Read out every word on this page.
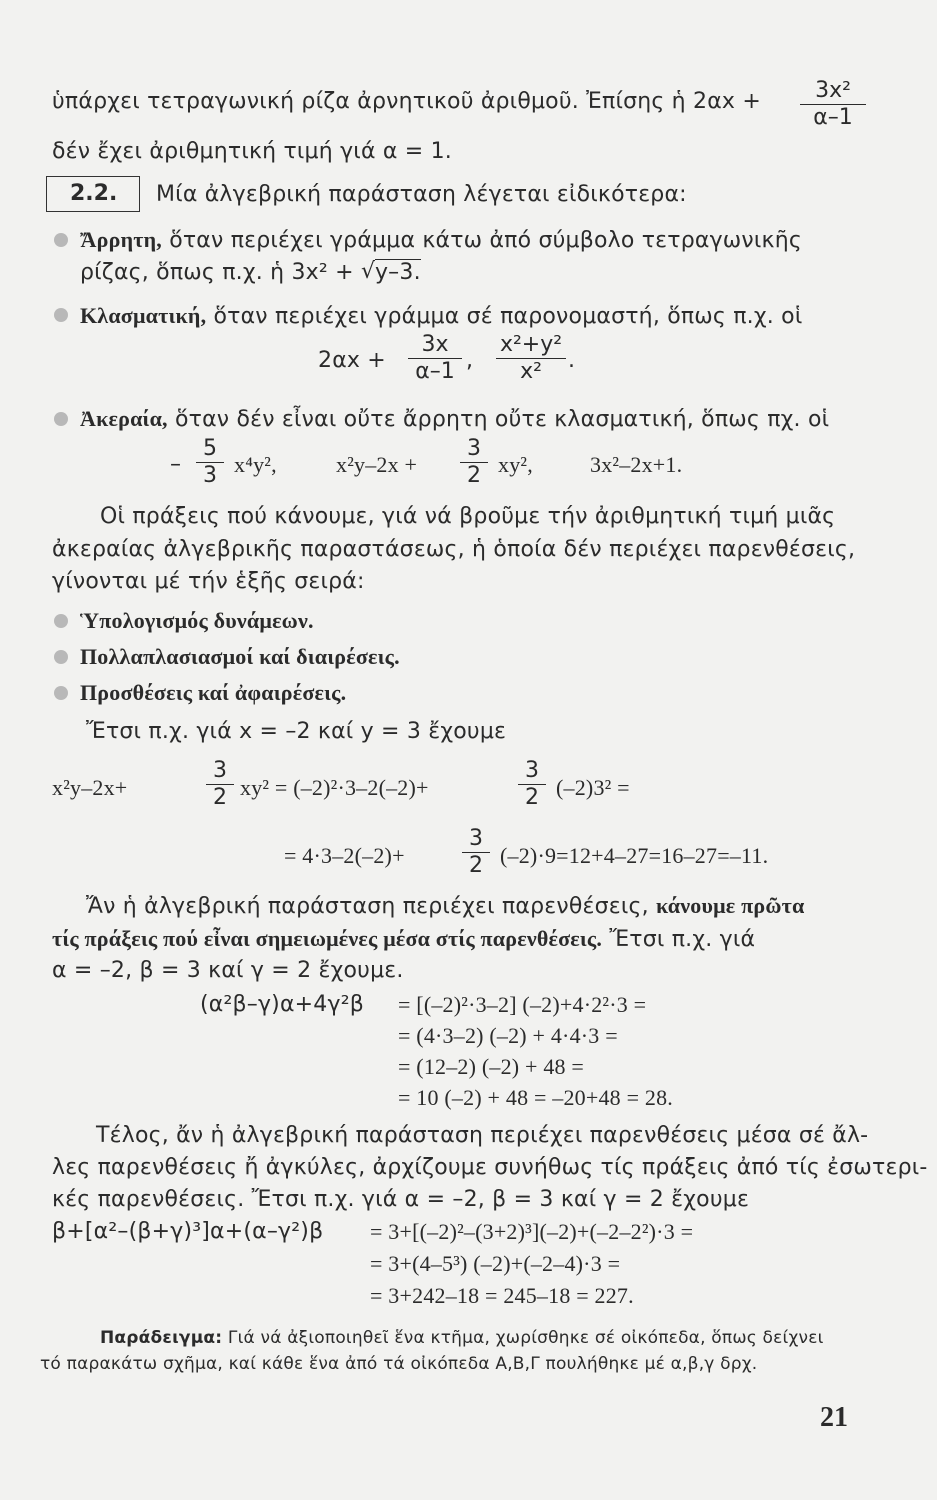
ὑπάρχει τετραγωνική ρίζα ἀρνητικοῦ ἀριθμοῦ. Ἐπίσης ἡ $2\alpha x + \frac{\text{3x²}}{\alpha-1}$
δέν ἔχει ἀριθμητική τιμή γιά α = 1.
2.2. Μία ἀλγεβρική παράσταση λέγεται εἰδικότερα:
Ἄρρητη, ὅταν περιέχει γράμμα κάτω ἀπό σύμβολο τετραγωνικῆς
ρίζας, ὅπως π.χ. ἡ 3x² + √ y–3.
Κλασματική, ὅταν περιέχει γράμμα σέ παρονομαστή, ὅπως π.χ. οἱ
$2\alpha x + \frac{3x}{\alpha-1}$ , $\frac{\text{x²+y²}}{\text{x²}}$ .
Ἀκεραία, ὅταν δέν εἶναι οὔτε ἄρρητη οὔτε κλασματική, ὅπως πχ. οἱ
– $\frac{5}{3} x^4y^2$,	$x^2y-2x + \frac{3}{2} xy^2$,	3x²–2x+1.
Οἱ πράξεις πού κάνουμε, γιά νά βροῦμε τήν ἀριθμητική τιμή μιᾶς
ἀκεραίας ἀλγεβρικῆς παραστάσεως, ἡ ὁποία δέν περιέχει παρενθέσεις,
γίνονται μέ τήν ἑξῆς σειρά:
Ὑπολογισμός δυνάμεων.
Πολλαπλασιασμοί καί διαιρέσεις.
Προσθέσεις καί ἀφαιρέσεις.
Ἔτσι π.χ. γιά x = –2 καί y = 3 ἔχουμε
x²y–2x+	$\frac{3}{2} xy^2 = (-2)^2\cdot 3-2(-2)+$	$\frac{3}{2} (-2)3^2$ =
= 4·3–2(–2)+	$\frac{3}{2} (-2)\cdot 9=12+4-27=16-27=-11$.
Ἄν ἡ ἀλγεβρική παράσταση περιέχει παρενθέσεις, κάνουμε πρῶτα
τίς πράξεις πού εἶναι σημειωμένες μέσα στίς παρενθέσεις. Ἔτσι π.χ. γιά
α = –2, β = 3 καί γ = 2 ἔχουμε.
(α²β–γ)α+4γ²β = [(–2)²·3–2] (–2)+4·2²·3 =
= (4·3–2) (–2) + 4·4·3 =
= (12–2) (–2) + 48 =
= 10 (–2) + 48 = –20+48 = 28.
Τέλος, ἄν ἡ ἀλγεβρική παράσταση περιέχει παρενθέσεις μέσα σέ ἄλ-
λες παρενθέσεις ἤ ἀγκύλες, ἀρχίζουμε συνήθως τίς πράξεις ἀπό τίς ἐσωτερι-
κές παρενθέσεις. Ἔτσι π.χ. γιά α = –2, β = 3 καί γ = 2 ἔχουμε
β+[α²–(β+γ)³]α+(α–γ²)β = 3+[(–2)²–(3+2)³](–2)+(–2–2²)·3 =
= 3+(4–5³) (–2)+(–2–4)·3 =
= 3+242–18 = 245–18 = 227.
Παράδειγμα: Γιά νά ἀξιοποιηθεῖ ἕνα κτῆμα, χωρίσθηκε σέ οἰκόπεδα, ὅπως δείχνει
τό παρακάτω σχῆμα, καί κάθε ἕνα ἀπό τά οἰκόπεδα Α,Β,Γ πουλήθηκε μέ α,β,γ δρχ.
21
